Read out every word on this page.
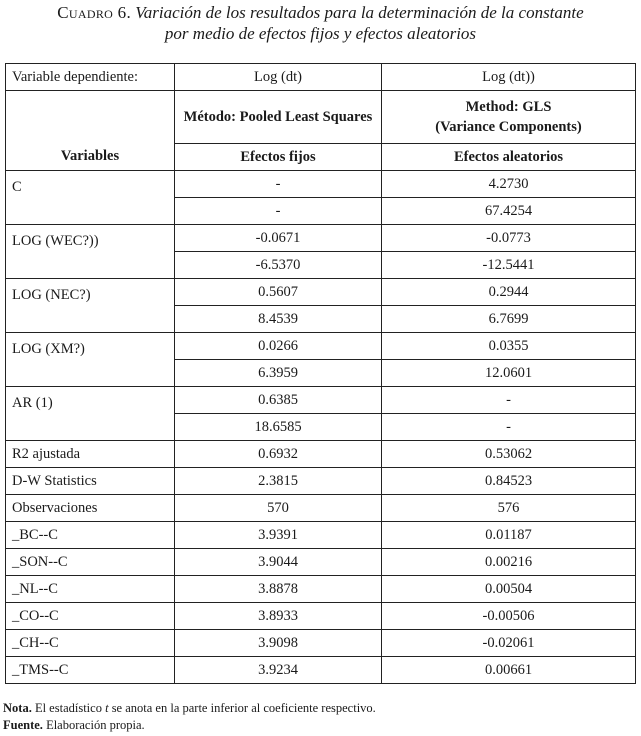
Cuadro 6. Variación de los resultados para la determinación de la constante
por medio de efectos fijos y efectos aleatorios
Variable dependiente:	Log (dt)	Log (dt))
Variables	Método: Pooled Least Squares	Method: GLS
(Variance Components)
	Efectos fijos	Efectos aleatorios
C	-	4.2730
	-	67.4254
LOG (WEC?))	-0.0671	-0.0773
	-6.5370	-12.5441
LOG (NEC?)	0.5607	0.2944
	8.4539	6.7699
LOG (XM?)	0.0266	0.0355
	6.3959	12.0601
AR (1)	0.6385	-
	18.6585	-
R2 ajustada	0.6932	0.53062
D-W Statistics	2.3815	0.84523
Observaciones	570	576
_BC--C	3.9391	0.01187
_SON--C	3.9044	0.00216
_NL--C	3.8878	0.00504
_CO--C	3.8933	-0.00506
_CH--C	3.9098	-0.02061
_TMS--C	3.9234	0.00661
Nota. El estadístico t se anota en la parte inferior al coeficiente respectivo.
Fuente. Elaboración propia.
